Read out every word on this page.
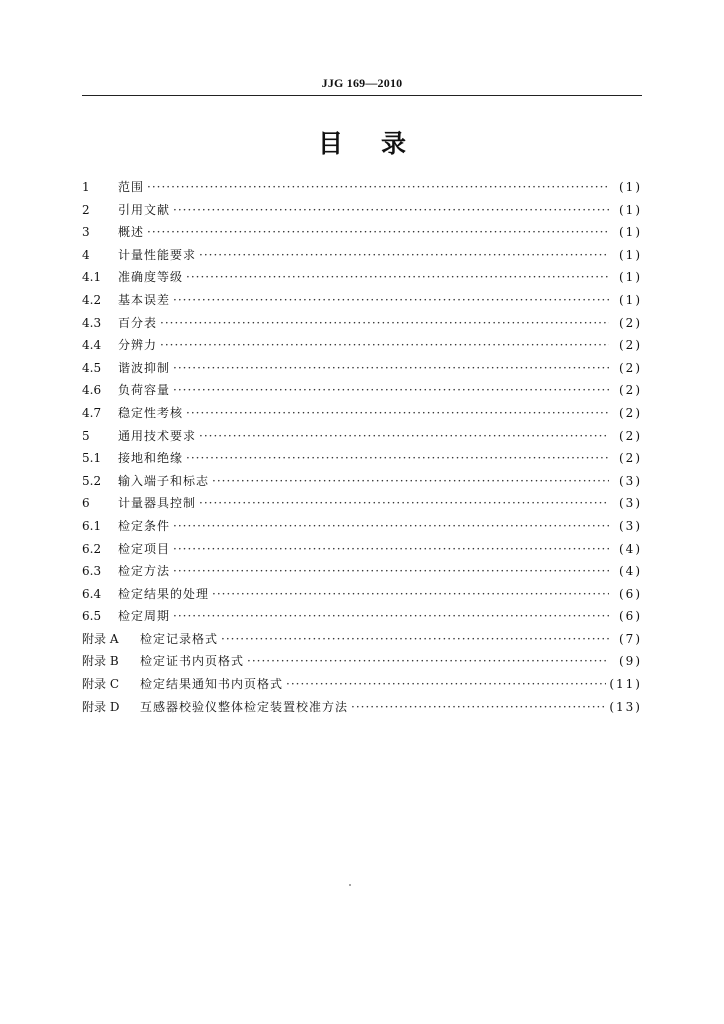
JJG 169—2010
目录
1	范围 ·····	(1)
2	引用文献 ·····	(1)
3	概述 ·····	(1)
4	计量性能要求 ·····	(1)
4.1	准确度等级 ·····	(1)
4.2	基本误差 ·····	(1)
4.3	百分表 ·····	(2)
4.4	分辨力 ·····	(2)
4.5	谐波抑制 ·····	(2)
4.6	负荷容量 ·····	(2)
4.7	稳定性考核 ·····	(2)
5	通用技术要求 ·····	(2)
5.1	接地和绝缘 ·····	(2)
5.2	输入端子和标志 ·····	(3)
6	计量器具控制 ·····	(3)
6.1	检定条件 ·····	(3)
6.2	检定项目 ·····	(4)
6.3	检定方法 ·····	(4)
6.4	检定结果的处理 ·····	(6)
6.5	检定周期 ·····	(6)
附录 A	检定记录格式 ·····	(7)
附录 B	检定证书内页格式 ·····	(9)
附录 C	检定结果通知书内页格式 ·····	(11)
附录 D	互感器校验仪整体检定装置校准方法 ·····	(13)
